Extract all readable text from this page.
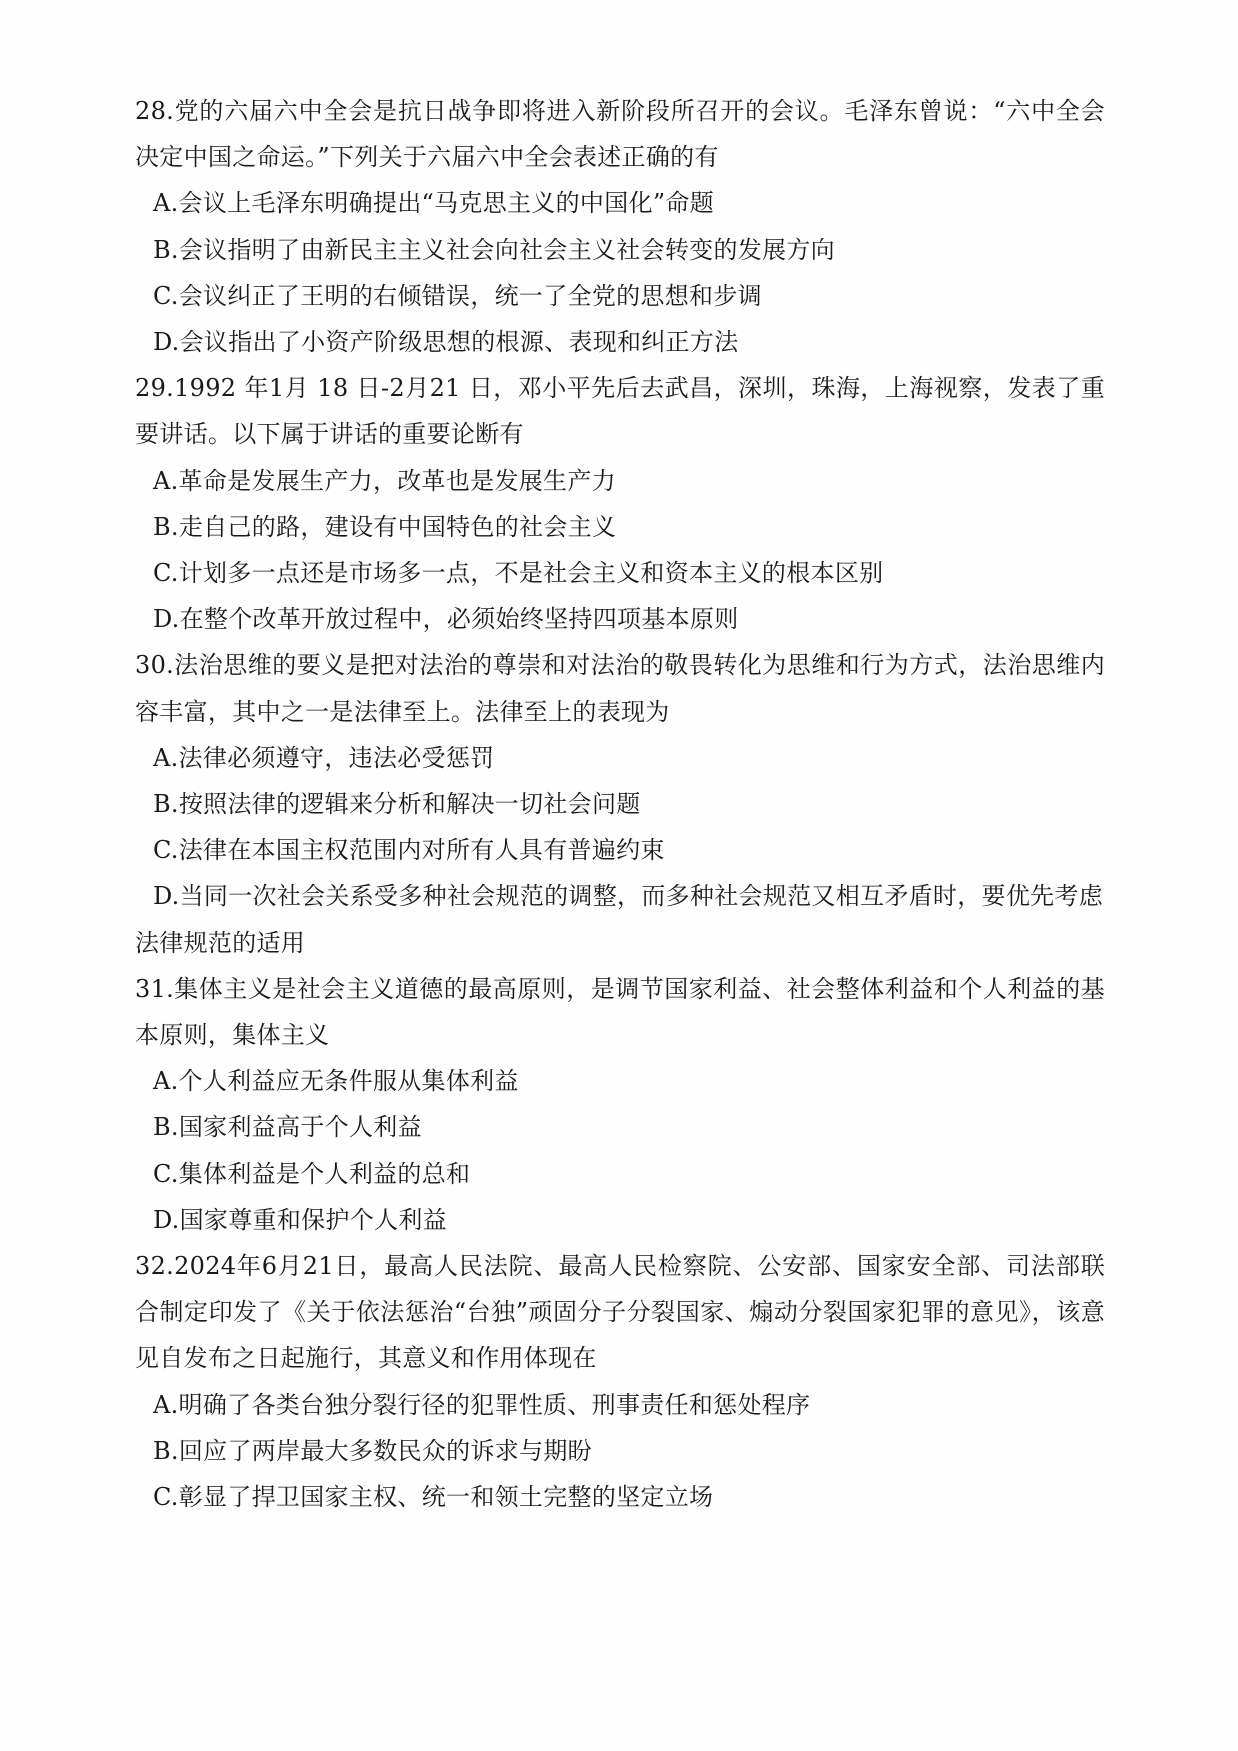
28.党的六届六中全会是抗日战争即将进入新阶段所召开的会议。毛泽东曾说：“六中全会决定中国之命运。”下列关于六届六中全会表述正确的有

A.会议上毛泽东明确提出“马克思主义的中国化”命题
B.会议指明了由新民主主义社会向社会主义社会转变的发展方向
C.会议纠正了王明的右倾错误，统一了全党的思想和步调
D.会议指出了小资产阶级思想的根源、表现和纠正方法

29.1992 年1月 18 日-2月21 日，邓小平先后去武昌，深圳，珠海，上海视察，发表了重要讲话。以下属于讲话的重要论断有

A.革命是发展生产力，改革也是发展生产力
B.走自己的路，建设有中国特色的社会主义
C.计划多一点还是市场多一点，不是社会主义和资本主义的根本区别
D.在整个改革开放过程中，必须始终坚持四项基本原则

30.法治思维的要义是把对法治的尊崇和对法治的敬畏转化为思维和行为方式，法治思维内容丰富，其中之一是法律至上。法律至上的表现为

A.法律必须遵守，违法必受惩罚
B.按照法律的逻辑来分析和解决一切社会问题
C.法律在本国主权范围内对所有人具有普遍约束
D.当同一次社会关系受多种社会规范的调整，而多种社会规范又相互矛盾时，要优先考虑法律规范的适用

31.集体主义是社会主义道德的最高原则，是调节国家利益、社会整体利益和个人利益的基本原则，集体主义

A.个人利益应无条件服从集体利益
B.国家利益高于个人利益
C.集体利益是个人利益的总和
D.国家尊重和保护个人利益

32.2024年6月21日，最高人民法院、最高人民检察院、公安部、国家安全部、司法部联合制定印发了《关于依法惩治“台独”顽固分子分裂国家、煽动分裂国家犯罪的意见》，该意见自发布之日起施行，其意义和作用体现在

A.明确了各类台独分裂行径的犯罪性质、刑事责任和惩处程序
B.回应了两岸最大多数民众的诉求与期盼
C.彰显了捍卫国家主权、统一和领土完整的坚定立场
